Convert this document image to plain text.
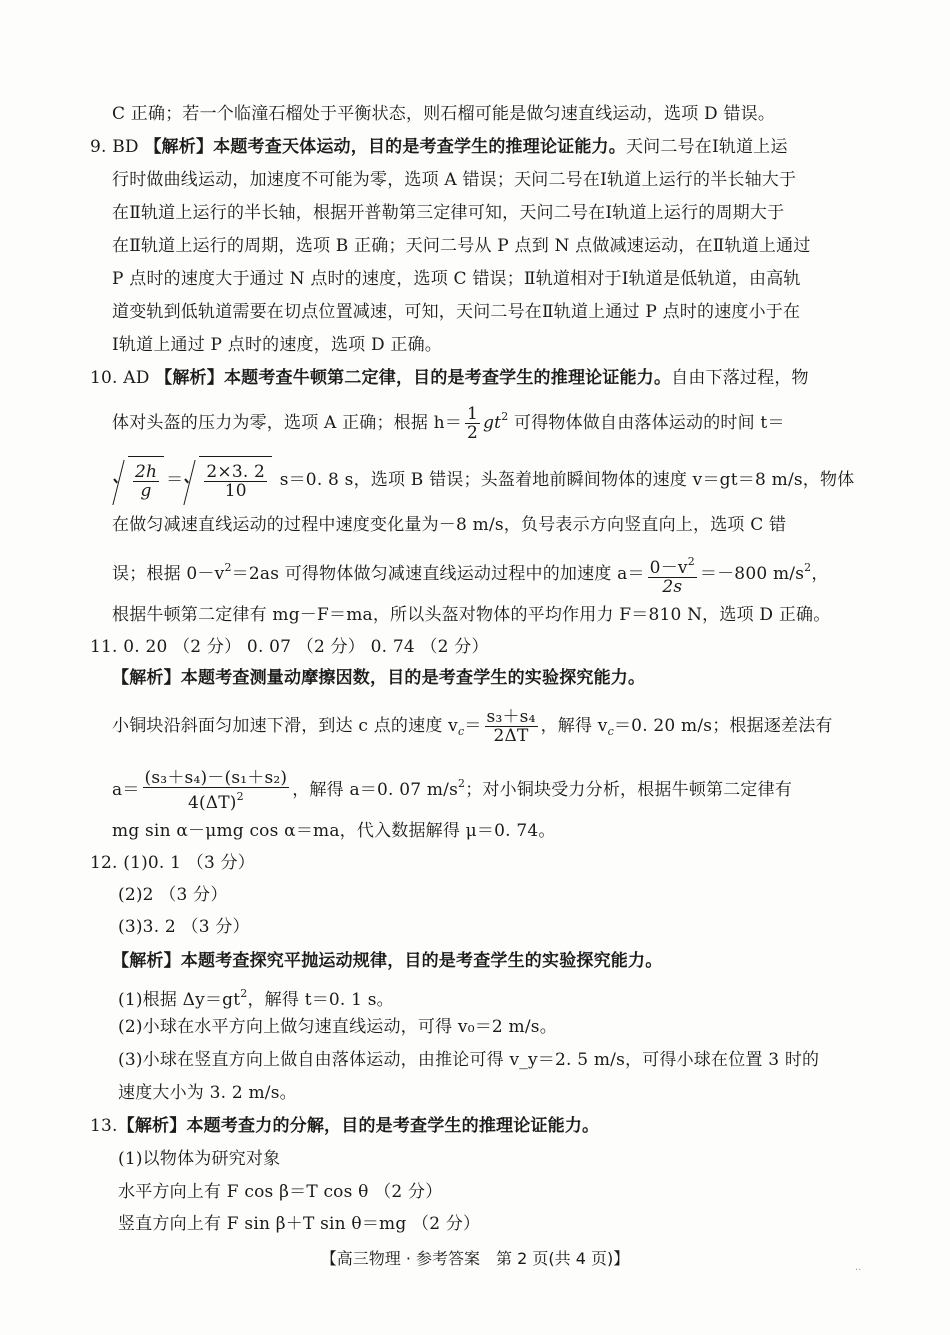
C 正确；若一个临潼石榴处于平衡状态，则石榴可能是做匀速直线运动，选项 D 错误。
9. BD 【解析】本题考查天体运动，目的是考查学生的推理论证能力。天问二号在Ⅰ轨道上运
行时做曲线运动，加速度不可能为零，选项 A 错误；天问二号在Ⅰ轨道上运行的半长轴大于
在Ⅱ轨道上运行的半长轴，根据开普勒第三定律可知，天问二号在Ⅰ轨道上运行的周期大于
在Ⅱ轨道上运行的周期，选项 B 正确；天问二号从 P 点到 N 点做减速运动，在Ⅱ轨道上通过
P 点时的速度大于通过 N 点时的速度，选项 C 错误；Ⅱ轨道相对于Ⅰ轨道是低轨道，由高轨
道变轨到低轨道需要在切点位置减速，可知，天问二号在Ⅱ轨道上通过 P 点时的速度小于在
Ⅰ轨道上通过 P 点时的速度，选项 D 正确。
10. AD 【解析】本题考查牛顿第二定律，目的是考查学生的推理论证能力。自由下落过程，物
体对头盔的压力为零，选项 A 正确；根据 $h= \frac{1}{2} gt^2$ 可得物体做自由落体运动的时间 t＝
$\frac{2h}{g} = \frac{2\times 3. 2}{10} s=0$. 8 s，选项 B 错误；头盔着地前瞬间物体的速度 v＝gt＝8 m/s，物体
在做匀减速直线运动的过程中速度变化量为－8 m/s，负号表示方向竖直向上，选项 C 错
误；根据 $0-v^2=2as$ 可得物体做匀减速直线运动过程中的加速度 $a= \frac{0-v^2}{2s} =-800$ $m/s^2$，
根据牛顿第二定律有 mg－F＝ma，所以头盔对物体的平均作用力 F＝810 N，选项 D 正确。
11. 0. 20 （2 分） 0. 07 （2 分） 0. 74 （2 分）
【解析】本题考查测量动摩擦因数，目的是考查学生的实验探究能力。
小铜块沿斜面匀加速下滑，到达 c 点的速度 $v_c= \frac{\text{s₃＋s₄}}{2\Delta T}$ ，解得 $v_c=0$. 20 m/s；根据逐差法有
$a= \frac{\text{(s₃＋s₄)－(s₁＋s₂)}}{4(\Delta T)^2}$ ，解得 a＝0. 07 $m/s^2$；对小铜块受力分析，根据牛顿第二定律有
mg sin α－μmg cos α＝ma，代入数据解得 μ＝0. 74。
12. (1)0. 1 （3 分）
(2)2 （3 分）
(3)3. 2 （3 分）
【解析】本题考查探究平抛运动规律，目的是考查学生的实验探究能力。
(1)根据 $\Delta y=gt^2$，解得 t＝0. 1 s。
(2)小球在水平方向上做匀速直线运动，可得 v₀＝2 m/s。
(3)小球在竖直方向上做自由落体运动，由推论可得 v_y＝2. 5 m/s，可得小球在位置 3 时的
速度大小为 3. 2 m/s。
13.【解析】本题考查力的分解，目的是考查学生的推理论证能力。
(1)以物体为研究对象
水平方向上有 F cos β＝T cos θ （2 分）
竖直方向上有 F sin β＋T sin θ＝mg （2 分）
【高三物理 · 参考答案　第 2 页(共 4 页)】	..
